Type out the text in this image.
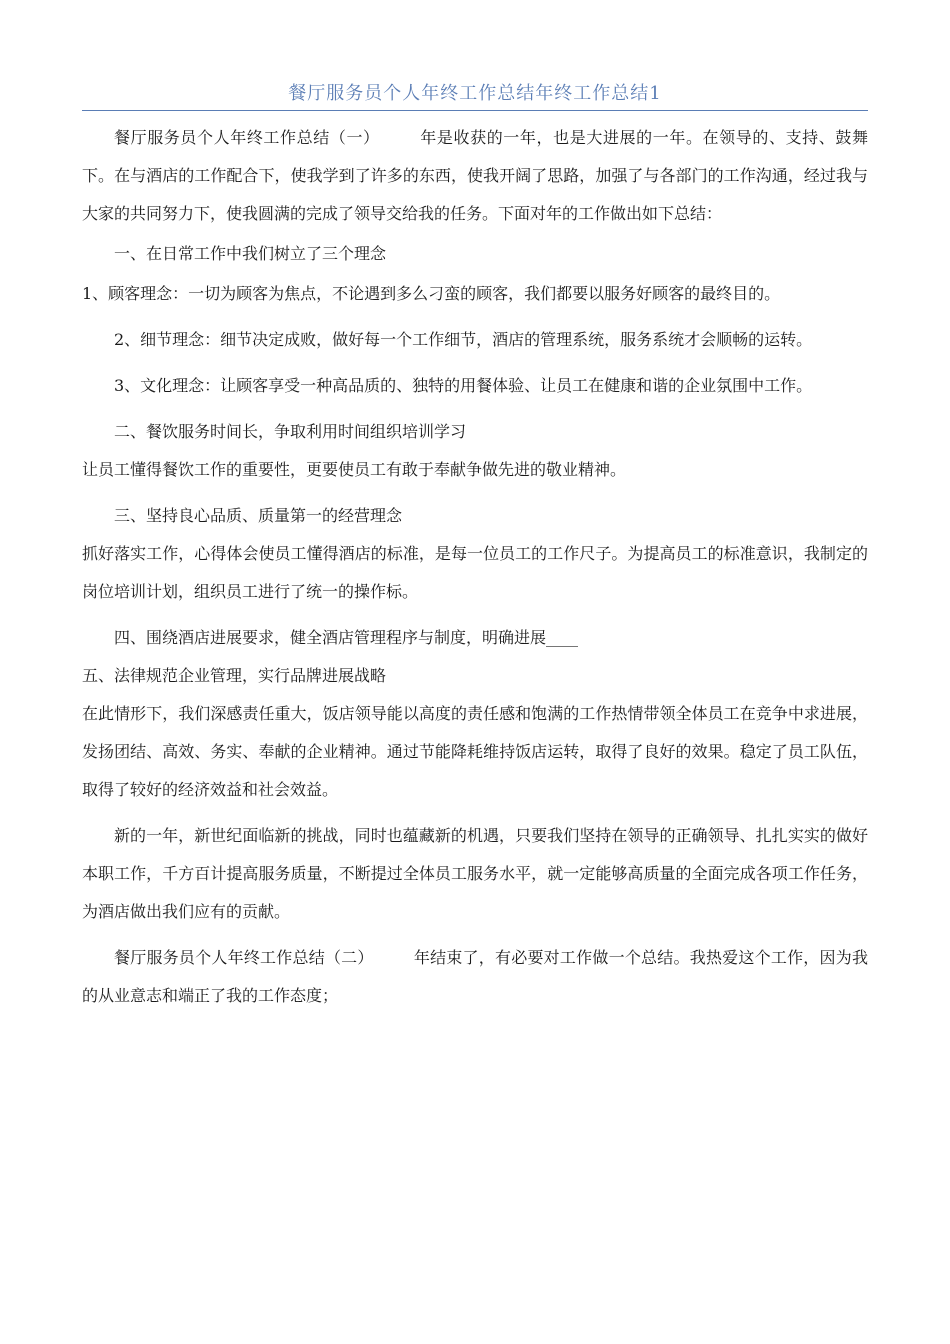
餐厅服务员个人年终工作总结年终工作总结1

餐厅服务员个人年终工作总结（一）	年是收获的一年，也是大进展的一年。在领导的、支持、鼓舞下。在与酒店的工作配合下，使我学到了许多的东西，使我开阔了思路，加强了与各部门的工作沟通，经过我与大家的共同努力下，使我圆满的完成了领导交给我的任务。下面对年的工作做出如下总结：

一、在日常工作中我们树立了三个理念

1、顾客理念：一切为顾客为焦点，不论遇到多么刁蛮的顾客，我们都要以服务好顾客的最终目的。

2、细节理念：细节决定成败，做好每一个工作细节，酒店的管理系统，服务系统才会顺畅的运转。

3、文化理念：让顾客享受一种高品质的、独特的用餐体验、让员工在健康和谐的企业氛围中工作。

二、餐饮服务时间长，争取利用时间组织培训学习

让员工懂得餐饮工作的重要性，更要使员工有敢于奉献争做先进的敬业精神。

三、坚持良心品质、质量第一的经营理念

抓好落实工作，心得体会使员工懂得酒店的标准，是每一位员工的工作尺子。为提高员工的标准意识，我制定的岗位培训计划，组织员工进行了统一的操作标。

四、围绕酒店进展要求，健全酒店管理程序与制度，明确进展____

五、法律规范企业管理，实行品牌进展战略

在此情形下，我们深感责任重大，饭店领导能以高度的责任感和饱满的工作热情带领全体员工在竞争中求进展，发扬团结、高效、务实、奉献的企业精神。通过节能降耗维持饭店运转，取得了良好的效果。稳定了员工队伍，取得了较好的经济效益和社会效益。

新的一年，新世纪面临新的挑战，同时也蕴藏新的机遇，只要我们坚持在领导的正确领导、扎扎实实的做好本职工作，千方百计提高服务质量，不断提过全体员工服务水平，就一定能够高质量的全面完成各项工作任务，为酒店做出我们应有的贡献。

餐厅服务员个人年终工作总结（二）	年结束了，有必要对工作做一个总结。我热爱这个工作，因为我的从业意志和端正了我的工作态度；
